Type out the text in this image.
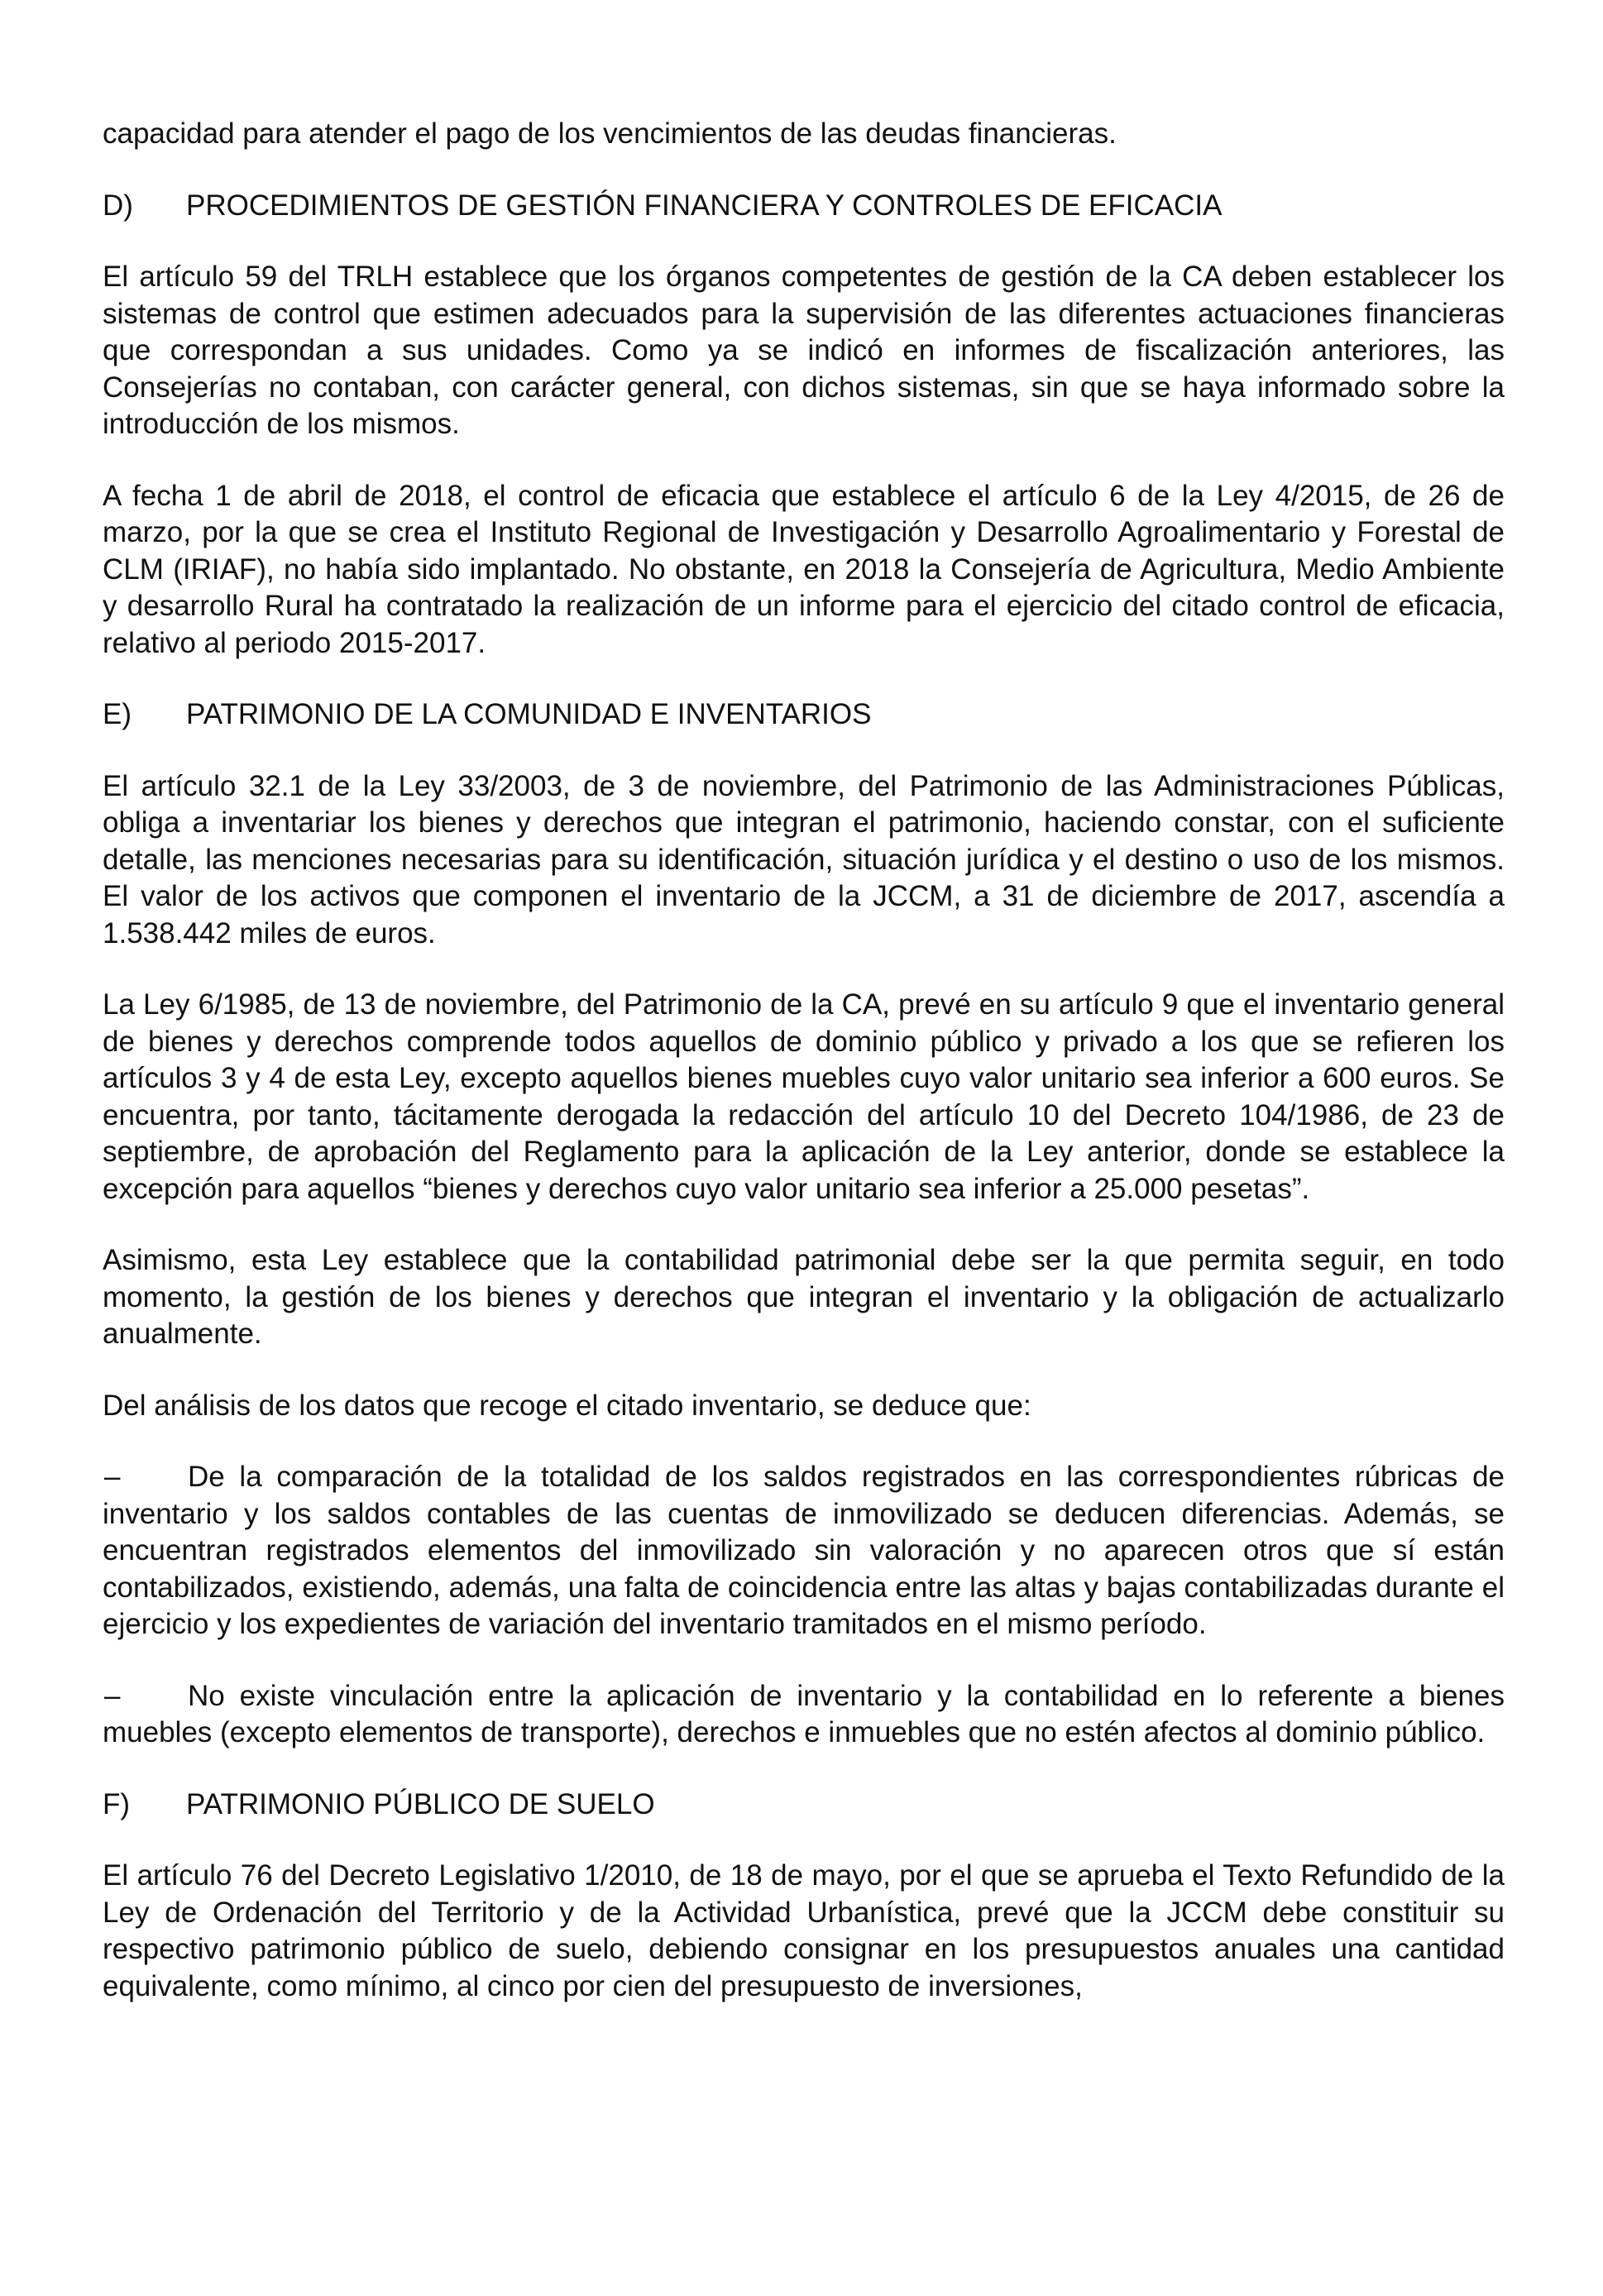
capacidad para atender el pago de los vencimientos de las deudas financieras.

D)	PROCEDIMIENTOS DE GESTIÓN FINANCIERA Y CONTROLES DE EFICACIA

El artículo 59 del TRLH establece que los órganos competentes de gestión de la CA deben establecer los sistemas de control que estimen adecuados para la supervisión de las diferentes actuaciones financieras que correspondan a sus unidades. Como ya se indicó en informes de fiscalización anteriores, las Consejerías no contaban, con carácter general, con dichos sistemas, sin que se haya informado sobre la introducción de los mismos.

A fecha 1 de abril de 2018, el control de eficacia que establece el artículo 6 de la Ley 4/2015, de 26 de marzo, por la que se crea el Instituto Regional de Investigación y Desarrollo Agroalimentario y Forestal de CLM (IRIAF), no había sido implantado. No obstante, en 2018 la Consejería de Agricultura, Medio Ambiente y desarrollo Rural ha contratado la realización de un informe para el ejercicio del citado control de eficacia, relativo al periodo 2015-2017.

E)	PATRIMONIO DE LA COMUNIDAD E INVENTARIOS

El artículo 32.1 de la Ley 33/2003, de 3 de noviembre, del Patrimonio de las Administraciones Públicas, obliga a inventariar los bienes y derechos que integran el patrimonio, haciendo constar, con el suficiente detalle, las menciones necesarias para su identificación, situación jurídica y el destino o uso de los mismos. El valor de los activos que componen el inventario de la JCCM, a 31 de diciembre de 2017, ascendía a 1.538.442 miles de euros.

La Ley 6/1985, de 13 de noviembre, del Patrimonio de la CA, prevé en su artículo 9 que el inventario general de bienes y derechos comprende todos aquellos de dominio público y privado a los que se refieren los artículos 3 y 4 de esta Ley, excepto aquellos bienes muebles cuyo valor unitario sea inferior a 600 euros. Se encuentra, por tanto, tácitamente derogada la redacción del artículo 10 del Decreto 104/1986, de 23 de septiembre, de aprobación del Reglamento para la aplicación de la Ley anterior, donde se establece la excepción para aquellos “bienes y derechos cuyo valor unitario sea inferior a 25.000 pesetas”.

Asimismo, esta Ley establece que la contabilidad patrimonial debe ser la que permita seguir, en todo momento, la gestión de los bienes y derechos que integran el inventario y la obligación de actualizarlo anualmente.

Del análisis de los datos que recoge el citado inventario, se deduce que:

– De la comparación de la totalidad de los saldos registrados en las correspondientes rúbricas de inventario y los saldos contables de las cuentas de inmovilizado se deducen diferencias. Además, se encuentran registrados elementos del inmovilizado sin valoración y no aparecen otros que sí están contabilizados, existiendo, además, una falta de coincidencia entre las altas y bajas contabilizadas durante el ejercicio y los expedientes de variación del inventario tramitados en el mismo período.

– No existe vinculación entre la aplicación de inventario y la contabilidad en lo referente a bienes muebles (excepto elementos de transporte), derechos e inmuebles que no estén afectos al dominio público.

F)	PATRIMONIO PÚBLICO DE SUELO

El artículo 76 del Decreto Legislativo 1/2010, de 18 de mayo, por el que se aprueba el Texto Refundido de la Ley de Ordenación del Territorio y de la Actividad Urbanística, prevé que la JCCM debe constituir su respectivo patrimonio público de suelo, debiendo consignar en los presupuestos anuales una cantidad equivalente, como mínimo, al cinco por cien del presupuesto de inversiones,
